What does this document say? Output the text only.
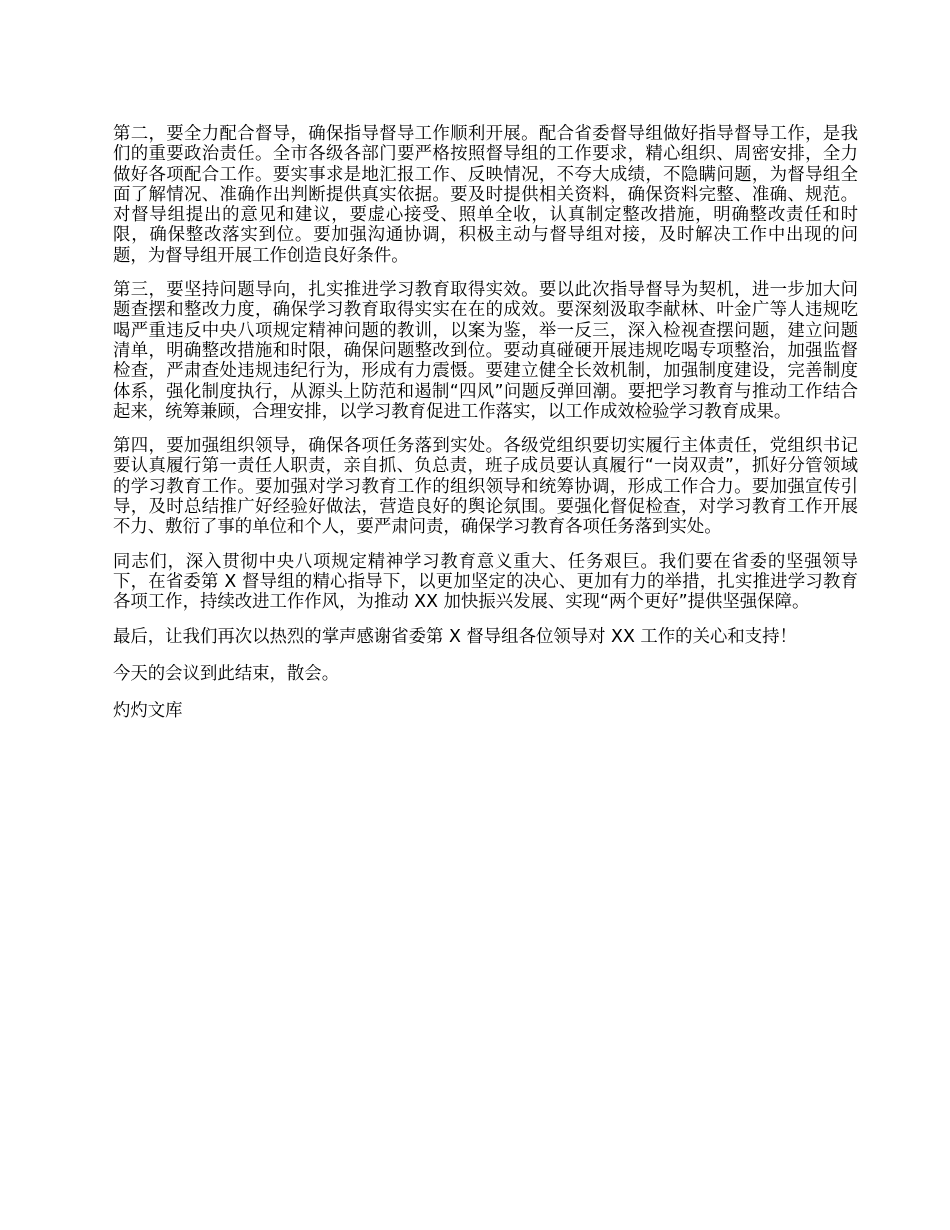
第二，要全力配合督导，确保指导督导工作顺利开展。配合省委督导组做好指导督导工作，是我们的重要政治责任。全市各级各部门要严格按照督导组的工作要求，精心组织、周密安排，全力做好各项配合工作。要实事求是地汇报工作、反映情况，不夸大成绩，不隐瞒问题，为督导组全面了解情况、准确作出判断提供真实依据。要及时提供相关资料，确保资料完整、准确、规范。对督导组提出的意见和建议，要虚心接受、照单全收，认真制定整改措施，明确整改责任和时限，确保整改落实到位。要加强沟通协调，积极主动与督导组对接，及时解决工作中出现的问题，为督导组开展工作创造良好条件。

第三，要坚持问题导向，扎实推进学习教育取得实效。要以此次指导督导为契机，进一步加大问题查摆和整改力度，确保学习教育取得实实在在的成效。要深刻汲取李献林、叶金广等人违规吃喝严重违反中央八项规定精神问题的教训，以案为鉴，举一反三，深入检视查摆问题，建立问题清单，明确整改措施和时限，确保问题整改到位。要动真碰硬开展违规吃喝专项整治，加强监督检查，严肃查处违规违纪行为，形成有力震慑。要建立健全长效机制，加强制度建设，完善制度体系，强化制度执行，从源头上防范和遏制“四风”问题反弹回潮。要把学习教育与推动工作结合起来，统筹兼顾，合理安排，以学习教育促进工作落实，以工作成效检验学习教育成果。

第四，要加强组织领导，确保各项任务落到实处。各级党组织要切实履行主体责任，党组织书记要认真履行第一责任人职责，亲自抓、负总责，班子成员要认真履行“一岗双责”，抓好分管领域的学习教育工作。要加强对学习教育工作的组织领导和统筹协调，形成工作合力。要加强宣传引导，及时总结推广好经验好做法，营造良好的舆论氛围。要强化督促检查，对学习教育工作开展不力、敷衍了事的单位和个人，要严肃问责，确保学习教育各项任务落到实处。

同志们，深入贯彻中央八项规定精神学习教育意义重大、任务艰巨。我们要在省委的坚强领导下，在省委第 X 督导组的精心指导下，以更加坚定的决心、更加有力的举措，扎实推进学习教育各项工作，持续改进工作作风，为推动 XX 加快振兴发展、实现“两个更好”提供坚强保障。

最后，让我们再次以热烈的掌声感谢省委第 X 督导组各位领导对 XX 工作的关心和支持！

今天的会议到此结束，散会。

灼灼文库
